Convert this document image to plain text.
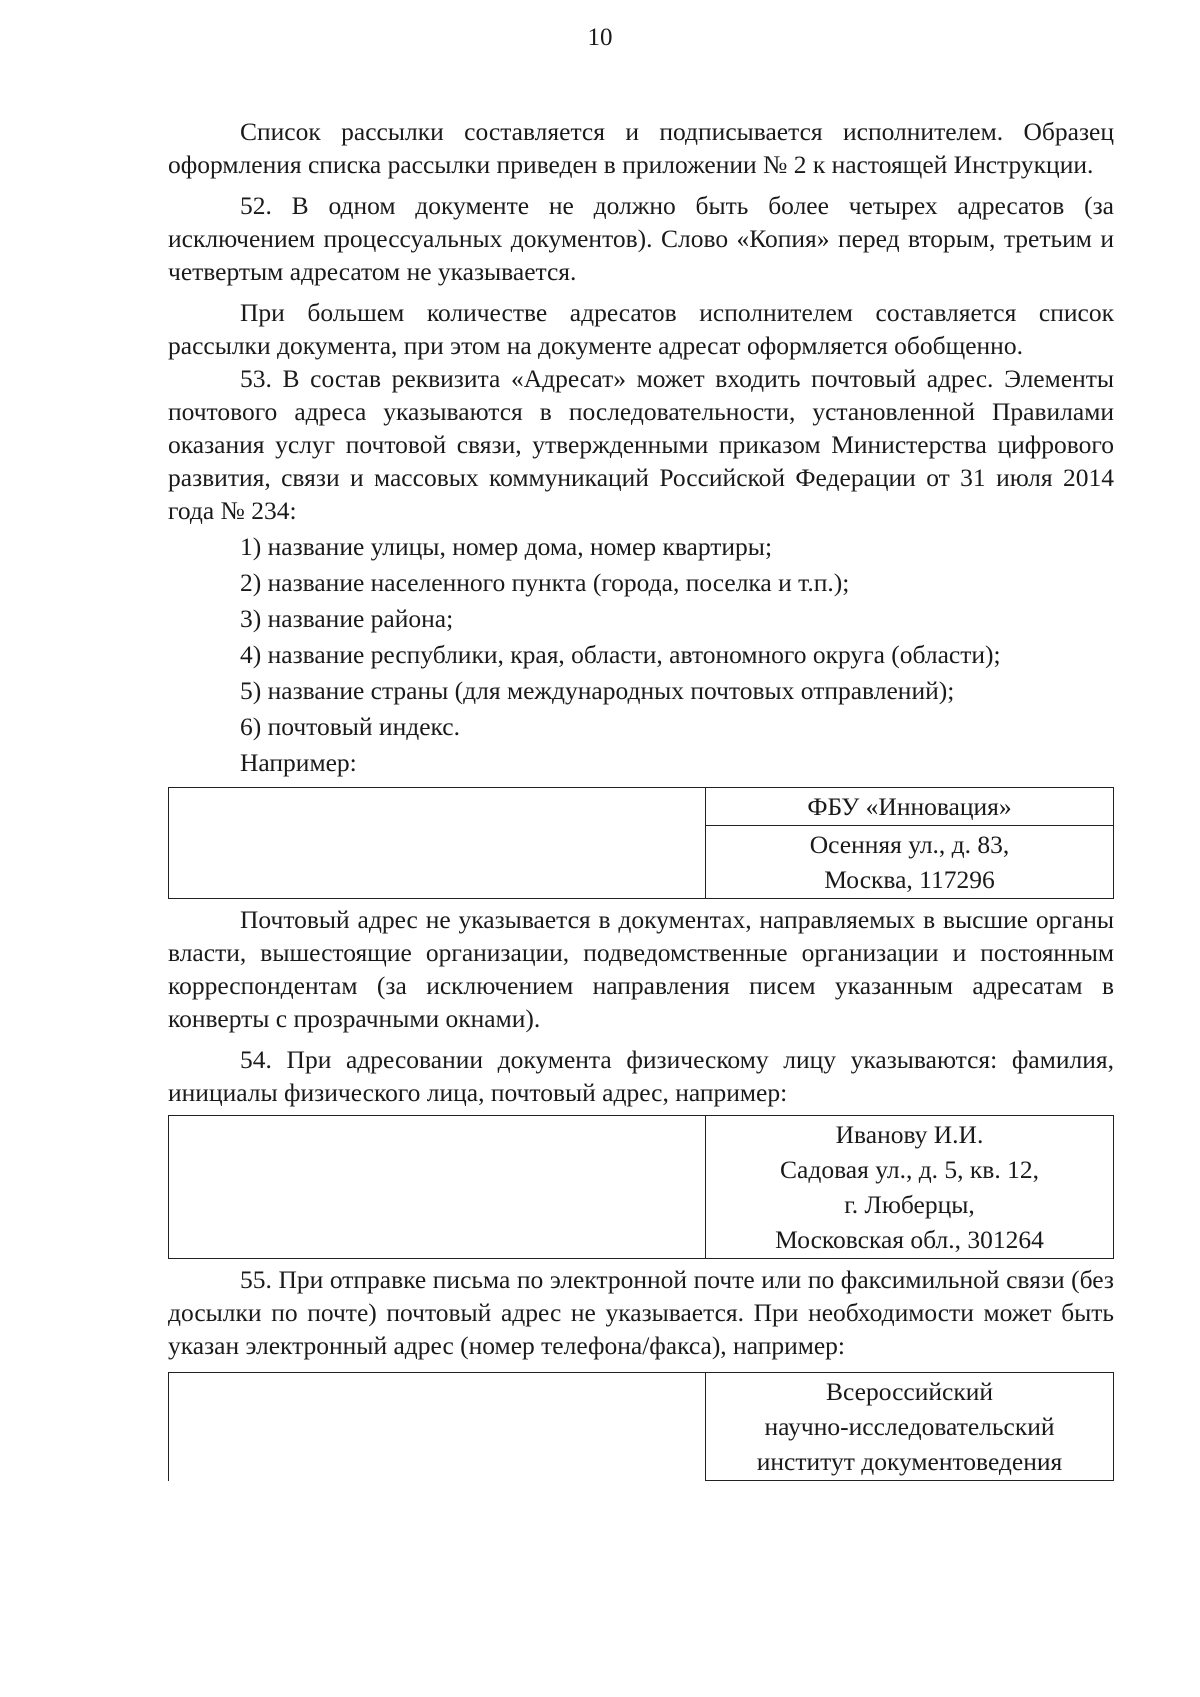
10

Список рассылки составляется и подписывается исполнителем. Образец оформления списка рассылки приведен в приложении № 2 к настоящей Инструкции.

52. В одном документе не должно быть более четырех адресатов (за исключением процессуальных документов). Слово «Копия» перед вторым, третьим и четвертым адресатом не указывается.

При большем количестве адресатов исполнителем составляется список рассылки документа, при этом на документе адресат оформляется обобщенно.

53. В состав реквизита «Адресат» может входить почтовый адрес. Элементы почтового адреса указываются в последовательности, установленной Правилами оказания услуг почтовой связи, утвержденными приказом Министерства цифрового развития, связи и массовых коммуникаций Российской Федерации от 31 июля 2014 года № 234:

1) название улицы, номер дома, номер квартиры;
2) название населенного пункта (города, поселка и т.п.);
3) название района;
4) название республики, края, области, автономного округа (области);
5) название страны (для международных почтовых отправлений);
6) почтовый индекс.
Например:

ФБУ «Инновация»

Осенняя ул., д. 83,
Москва, 117296

Почтовый адрес не указывается в документах, направляемых в высшие органы власти, вышестоящие организации, подведомственные организации и постоянным корреспондентам (за исключением направления писем указанным адресатам в конверты с прозрачными окнами).

54. При адресовании документа физическому лицу указываются: фамилия, инициалы физического лица, почтовый адрес, например:

Иванову И.И.
Садовая ул., д. 5, кв. 12,
г. Люберцы,
Московская обл., 301264

55. При отправке письма по электронной почте или по факсимильной связи (без досылки по почте) почтовый адрес не указывается. При необходимости может быть указан электронный адрес (номер телефона/факса), например:

Всероссийский
научно-исследовательский
институт документоведения
